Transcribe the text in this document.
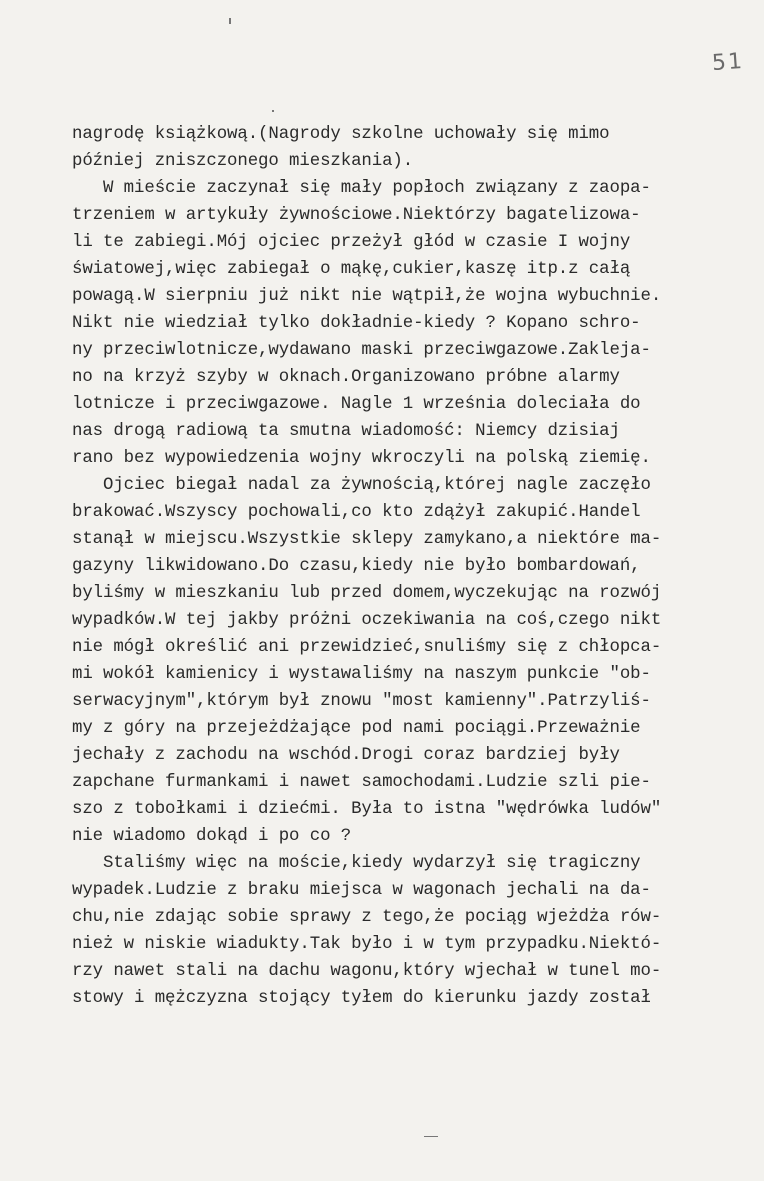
51
nagrodę książkową.(Nagrody szkolne uchowały się mimo
później zniszczonego mieszkania).
W mieście zaczynał się mały popłoch związany z zaopa-
trzeniem w artykuły żywnościowe.Niektórzy bagatelizowa-
li te zabiegi.Mój ojciec przeżył głód w czasie I wojny
światowej,więc zabiegał o mąkę,cukier,kaszę itp.z całą
powagą.W sierpniu już nikt nie wątpił,że wojna wybuchnie.
Nikt nie wiedział tylko dokładnie-kiedy ? Kopano schro-
ny przeciwlotnicze,wydawano maski przeciwgazowe.Zakleja-
no na krzyż szyby w oknach.Organizowano próbne alarmy
lotnicze i przeciwgazowe. Nagle 1 września doleciała do
nas drogą radiową ta smutna wiadomość: Niemcy dzisiaj
rano bez wypowiedzenia wojny wkroczyli na polską ziemię.
Ojciec biegał nadal za żywnością,której nagle zaczęło
brakować.Wszyscy pochowali,co kto zdążył zakupić.Handel
stanął w miejscu.Wszystkie sklepy zamykano,a niektóre ma-
gazyny likwidowano.Do czasu,kiedy nie było bombardowań,
byliśmy w mieszkaniu lub przed domem,wyczekując na rozwój
wypadków.W tej jakby próżni oczekiwania na coś,czego nikt
nie mógł określić ani przewidzieć,snuliśmy się z chłopca-
mi wokół kamienicy i wystawaliśmy na naszym punkcie "ob-
serwacyjnym",którym był znowu "most kamienny".Patrzyliś-
my z góry na przejeżdżające pod nami pociągi.Przeważnie
jechały z zachodu na wschód.Drogi coraz bardziej były
zapchane furmankami i nawet samochodami.Ludzie szli pie-
szo z tobołkami i dziećmi. Była to istna "wędrówka ludów"
nie wiadomo dokąd i po co ?
Staliśmy więc na moście,kiedy wydarzył się tragiczny
wypadek.Ludzie z braku miejsca w wagonach jechali na da-
chu,nie zdając sobie sprawy z tego,że pociąg wjeżdża rów-
nież w niskie wiadukty.Tak było i w tym przypadku.Niektó-
rzy nawet stali na dachu wagonu,który wjechał w tunel mo-
stowy i mężczyzna stojący tyłem do kierunku jazdy został
